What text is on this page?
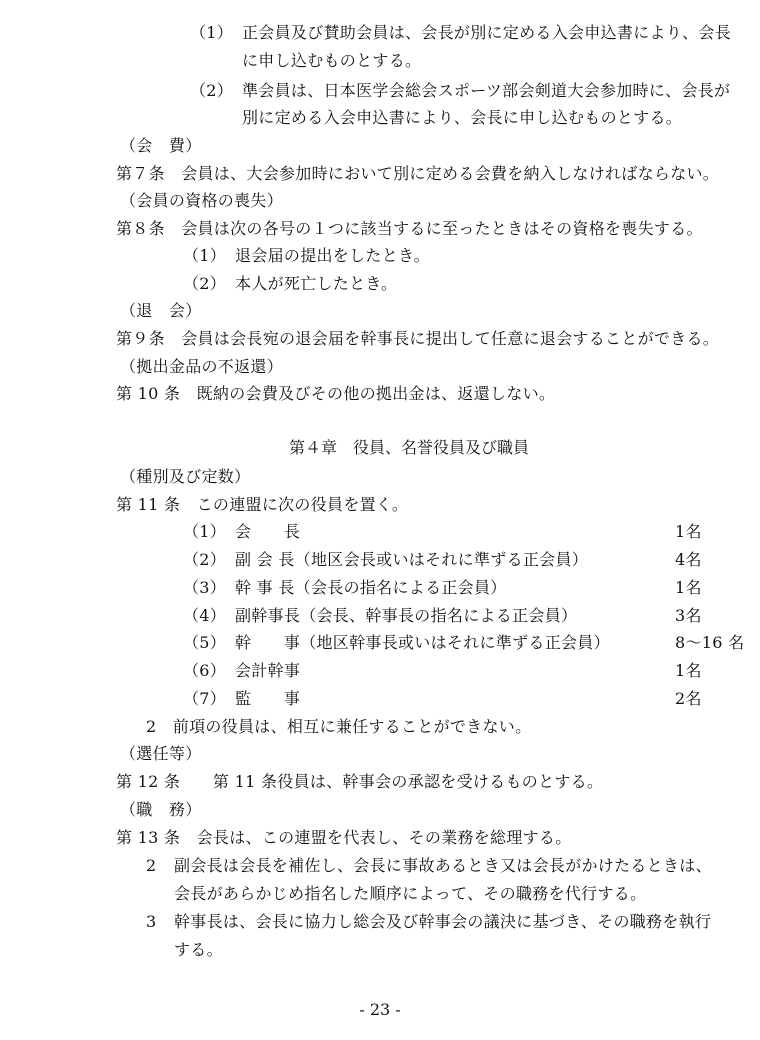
（1） 正会員及び賛助会員は、会長が別に定める入会申込書により、会長
に申し込むものとする。
（2） 準会員は、日本医学会総会スポーツ部会剣道大会参加時に、会長が
別に定める入会申込書により、会長に申し込むものとする。
（会　費）
第７条　会員は、大会参加時において別に定める会費を納入しなければならない。
（会員の資格の喪失）
第８条　会員は次の各号の１つに該当するに至ったときはその資格を喪失する。
（1） 退会届の提出をしたとき。
（2） 本人が死亡したとき。
（退　会）
第９条　会員は会長宛の退会届を幹事長に提出して任意に退会することができる。
（拠出金品の不返還）
第 10 条　既納の会費及びその他の拠出金は、返還しない。
第４章　役員、名誉役員及び職員
（種別及び定数）
第 11 条　この連盟に次の役員を置く。
（1） 会　　長	1名
（2） 副 会 長（地区会長或いはそれに準ずる正会員）	4名
（3） 幹 事 長（会長の指名による正会員）	1名
（4） 副幹事長（会長、幹事長の指名による正会員）	3名
（5） 幹　　事（地区幹事長或いはそれに準ずる正会員）	8～16 名
（6） 会計幹事	1名
（7） 監　　事	2名
2　前項の役員は、相互に兼任することができない。
（選任等）
第 12 条　　第 11 条役員は、幹事会の承認を受けるものとする。
（職　務）
第 13 条　会長は、この連盟を代表し、その業務を総理する。
2 副会長は会長を補佐し、会長に事故あるとき又は会長がかけたるときは、
会長があらかじめ指名した順序によって、その職務を代行する。
3 幹事長は、会長に協力し総会及び幹事会の議決に基づき、その職務を執行
する。
- 23 -
